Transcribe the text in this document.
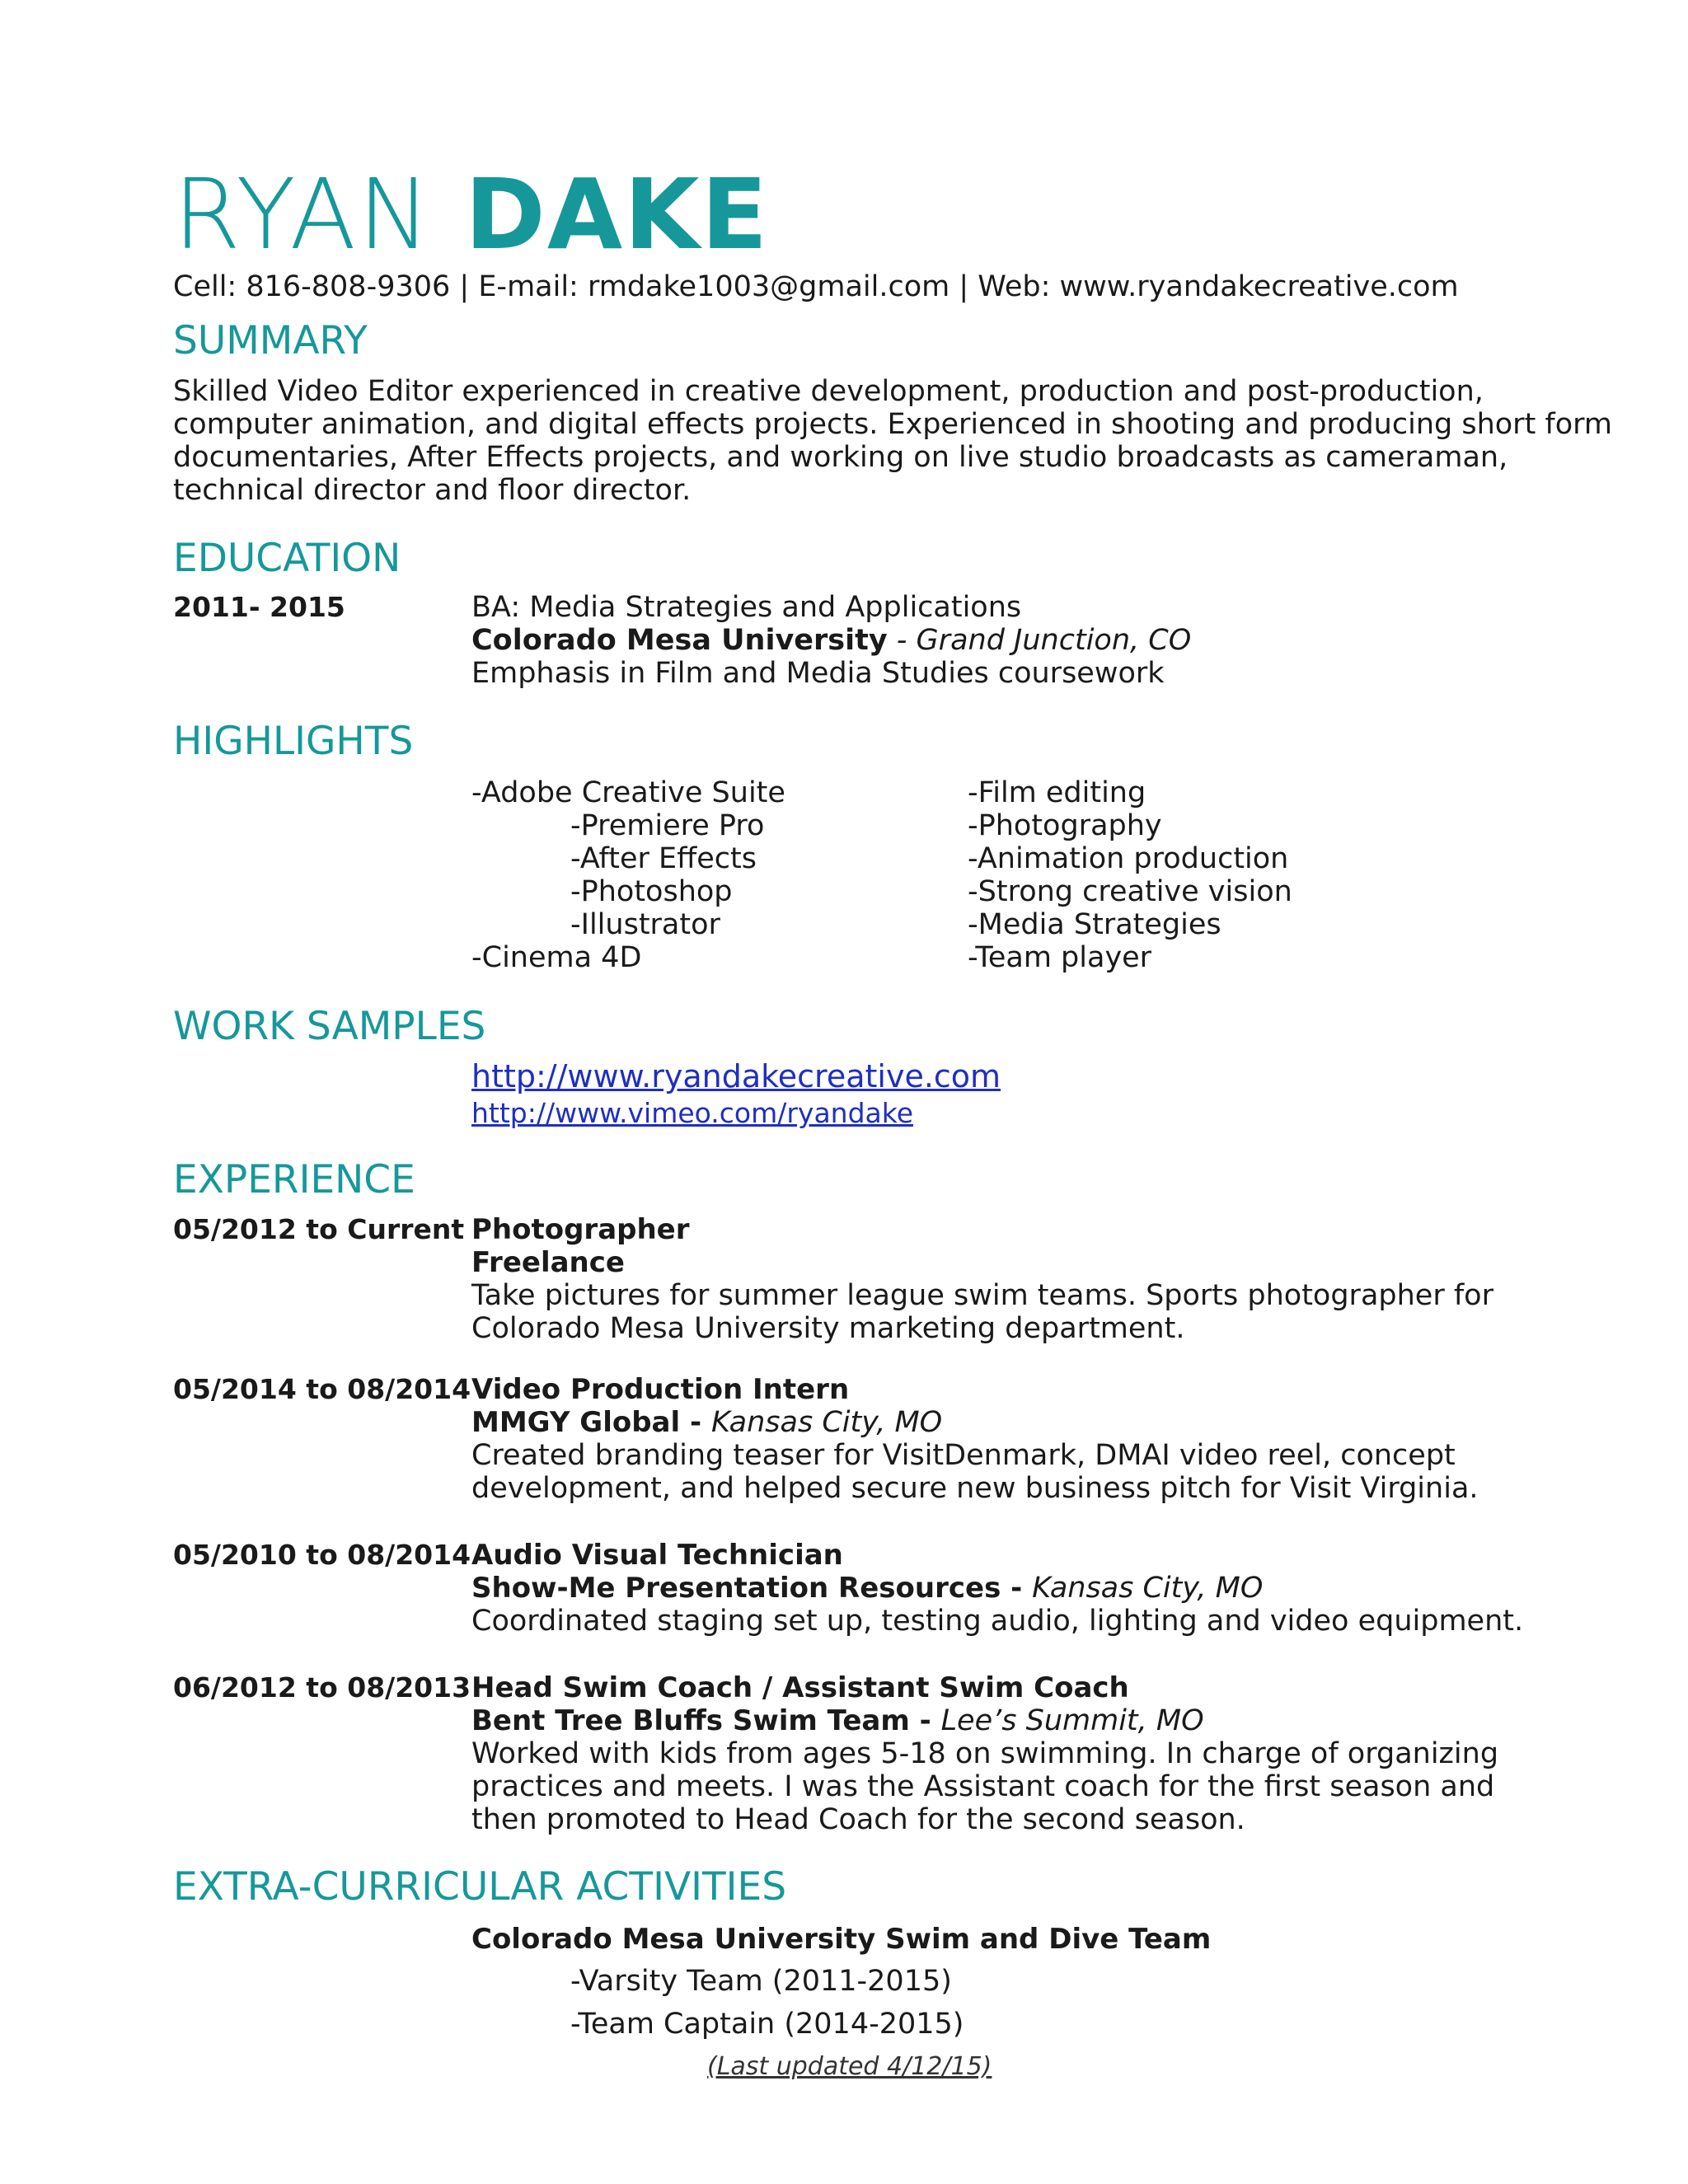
RYAN DAKE
Cell: 816-808-9306 | E-mail: rmdake1003@gmail.com | Web: www.ryandakecreative.com
SUMMARY
Skilled Video Editor experienced in creative development, production and post-production,
computer animation, and digital effects projects. Experienced in shooting and producing short form
documentaries, After Effects projects, and working on live studio broadcasts as cameraman,
technical director and floor director.
EDUCATION
2011- 2015	BA: Media Strategies and Applications
Colorado Mesa University - Grand Junction, CO
Emphasis in Film and Media Studies coursework
HIGHLIGHTS
-Adobe Creative Suite
-Premiere Pro
-After Effects
-Photoshop
-Illustrator
-Cinema 4D
-Film editing
-Photography
-Animation production
-Strong creative vision
-Media Strategies
-Team player
WORK SAMPLES
http://www.ryandakecreative.com
http://www.vimeo.com/ryandake
EXPERIENCE
05/2012 to Current Photographer
Freelance
Take pictures for summer league swim teams. Sports photographer for
Colorado Mesa University marketing department.
05/2014 to 08/2014 Video Production Intern
MMGY Global - Kansas City, MO
Created branding teaser for VisitDenmark, DMAI video reel, concept
development, and helped secure new business pitch for Visit Virginia.
05/2010 to 08/2014 Audio Visual Technician
Show-Me Presentation Resources - Kansas City, MO
Coordinated staging set up, testing audio, lighting and video equipment.
06/2012 to 08/2013 Head Swim Coach / Assistant Swim Coach
Bent Tree Bluffs Swim Team - Lee’s Summit, MO
Worked with kids from ages 5-18 on swimming. In charge of organizing
practices and meets. I was the Assistant coach for the first season and
then promoted to Head Coach for the second season.
EXTRA-CURRICULAR ACTIVITIES
Colorado Mesa University Swim and Dive Team
-Varsity Team (2011-2015)
-Team Captain (2014-2015)
(Last updated 4/12/15)
